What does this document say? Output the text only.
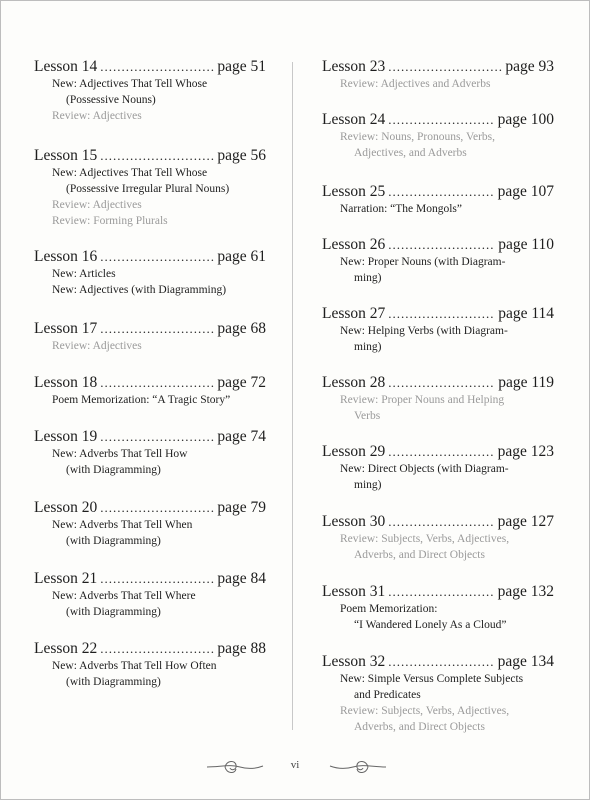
Lesson 14 .....	page 51
New: Adjectives That Tell Whose
(Possessive Nouns)
Review: Adjectives
Lesson 15 .....	page 56
New: Adjectives That Tell Whose
(Possessive Irregular Plural Nouns)
Review: Adjectives
Review: Forming Plurals
Lesson 16 .....	page 61
New: Articles
New: Adjectives (with Diagramming)
Lesson 17 .....	page 68
Review: Adjectives
Lesson 18 .....	page 72
Poem Memorization: “A Tragic Story”
Lesson 19 .....	page 74
New: Adverbs That Tell How
(with Diagramming)
Lesson 20 .....	page 79
New: Adverbs That Tell When
(with Diagramming)
Lesson 21 .....	page 84
New: Adverbs That Tell Where
(with Diagramming)
Lesson 22 .....	page 88
New: Adverbs That Tell How Often
(with Diagramming)
Lesson 23 .....	page 93
Review: Adjectives and Adverbs
Lesson 24 .....	page 100
Review: Nouns, Pronouns, Verbs,
Adjectives, and Adverbs
Lesson 25 .....	page 107
Narration: “The Mongols”
Lesson 26 .....	page 110
New: Proper Nouns (with Diagram-
ming)
Lesson 27 .....	page 114
New: Helping Verbs (with Diagram-
ming)
Lesson 28 .....	page 119
Review: Proper Nouns and Helping
Verbs
Lesson 29 .....	page 123
New: Direct Objects (with Diagram-
ming)
Lesson 30 .....	page 127
Review: Subjects, Verbs, Adjectives,
Adverbs, and Direct Objects
Lesson 31 .....	page 132
Poem Memorization:
“I Wandered Lonely As a Cloud”
Lesson 32 .....	page 134
New: Simple Versus Complete Subjects
and Predicates
Review: Subjects, Verbs, Adjectives,
Adverbs, and Direct Objects
vi
